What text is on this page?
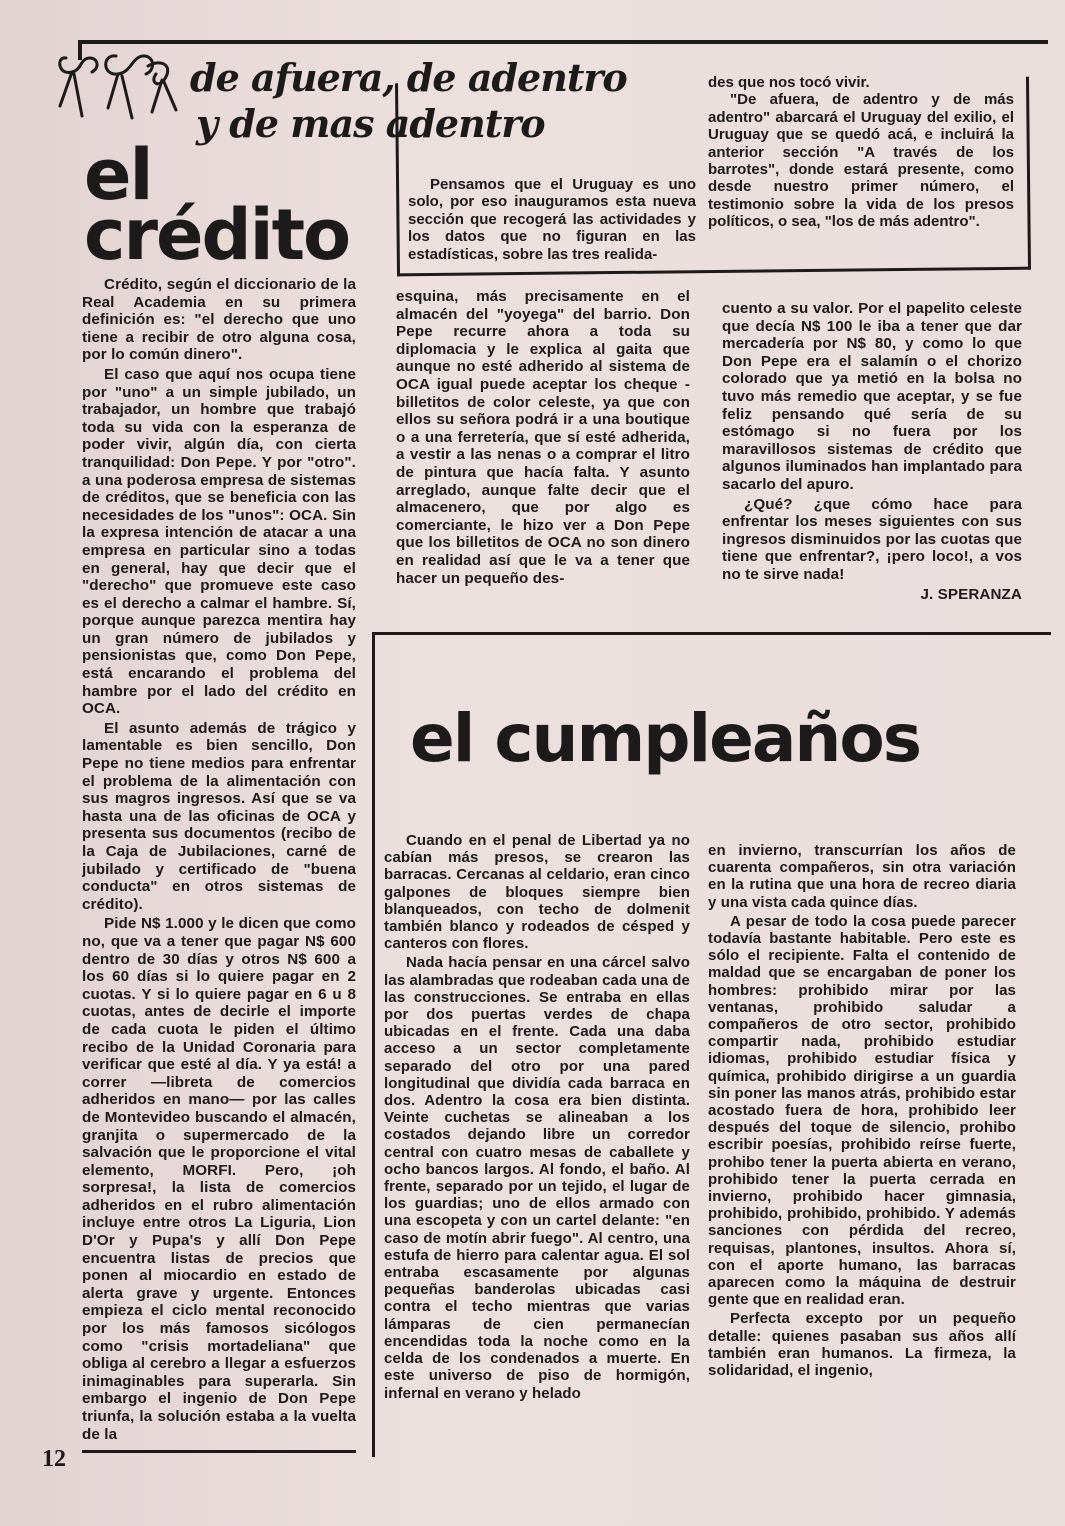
de afuera, de adentro
y de mas adentro

Pensamos que el Uruguay es uno solo, por eso inauguramos esta nueva sección que recogerá las actividades y los datos que no figuran en las estadísticas, sobre las tres realida-

des que nos tocó vivir.

"De afuera, de adentro y de más adentro" abarcará el Uruguay del exilio, el Uruguay que se quedó acá, e incluirá la anterior sección "A través de los barrotes", donde estará presente, como desde nuestro primer número, el testimonio sobre la vida de los presos políticos, o sea, "los de más adentro".

el
crédito

Crédito, según el diccionario de la Real Academia en su primera definición es: "el derecho que uno tiene a recibir de otro alguna cosa, por lo común dinero".

El caso que aquí nos ocupa tiene por "uno" a un simple jubilado, un trabajador, un hombre que trabajó toda su vida con la esperanza de poder vivir, algún día, con cierta tranquilidad: Don Pepe. Y por "otro". a una poderosa empresa de sistemas de créditos, que se beneficia con las necesidades de los "unos": OCA. Sin la expresa intención de atacar a una empresa en particular sino a todas en general, hay que decir que el "derecho" que promueve este caso es el derecho a calmar el hambre. Sí, porque aunque parezca mentira hay un gran número de jubilados y pensionistas que, como Don Pepe, está encarando el problema del hambre por el lado del crédito en OCA.

El asunto además de trágico y lamentable es bien sencillo, Don Pepe no tiene medios para enfrentar el problema de la alimentación con sus magros ingresos. Así que se va hasta una de las oficinas de OCA y presenta sus documentos (recibo de la Caja de Jubilaciones, carné de jubilado y certificado de "buena conducta" en otros sistemas de crédito).

Pide N$ 1.000 y le dicen que como no, que va a tener que pagar N$ 600 dentro de 30 días y otros N$ 600 a los 60 días si lo quiere pagar en 2 cuotas. Y si lo quiere pagar en 6 u 8 cuotas, antes de decirle el importe de cada cuota le piden el último recibo de la Unidad Coronaria para verificar que esté al día. Y ya está! a correr —libreta de comercios adheridos en mano— por las calles de Montevideo buscando el almacén, granjita o supermercado de la salvación que le proporcione el vital elemento, MORFI. Pero, ¡oh sorpresa!, la lista de comercios adheridos en el rubro alimentación incluye entre otros La Liguria, Lion D'Or y Pupa's y allí Don Pepe encuentra listas de precios que ponen al miocardio en estado de alerta grave y urgente. Entonces empieza el ciclo mental reconocido por los más famosos sicólogos como "crisis mortadeliana" que obliga al cerebro a llegar a esfuerzos inimaginables para superarla. Sin embargo el ingenio de Don Pepe triunfa, la solución estaba a la vuelta de la

esquina, más precisamente en el almacén del "yoyega" del barrio. Don Pepe recurre ahora a toda su diplomacia y le explica al gaita que aunque no esté adherido al sistema de OCA igual puede aceptar los cheque - billetitos de color celeste, ya que con ellos su señora podrá ir a una boutique o a una ferretería, que sí esté adherida, a vestir a las nenas o a comprar el litro de pintura que hacía falta. Y asunto arreglado, aunque falte decir que el almacenero, que por algo es comerciante, le hizo ver a Don Pepe que los billetitos de OCA no son dinero en realidad así que le va a tener que hacer un pequeño des-

cuento a su valor. Por el papelito celeste que decía N$ 100 le iba a tener que dar mercadería por N$ 80, y como lo que Don Pepe era el salamín o el chorizo colorado que ya metió en la bolsa no tuvo más remedio que aceptar, y se fue feliz pensando qué sería de su estómago si no fuera por los maravillosos sistemas de crédito que algunos iluminados han implantado para sacarlo del apuro.

¿Qué? ¿que cómo hace para enfrentar los meses siguientes con sus ingresos disminuidos por las cuotas que tiene que enfrentar?, ¡pero loco!, a vos no te sirve nada!

J. SPERANZA

el cumpleaños

Cuando en el penal de Libertad ya no cabían más presos, se crearon las barracas. Cercanas al celdario, eran cinco galpones de bloques siempre bien blanqueados, con techo de dolmenit también blanco y rodeados de césped y canteros con flores.

Nada hacía pensar en una cárcel salvo las alambradas que rodeaban cada una de las construcciones. Se entraba en ellas por dos puertas verdes de chapa ubicadas en el frente. Cada una daba acceso a un sector completamente separado del otro por una pared longitudinal que dividía cada barraca en dos. Adentro la cosa era bien distinta. Veinte cuchetas se alineaban a los costados dejando libre un corredor central con cuatro mesas de caballete y ocho bancos largos. Al fondo, el baño. Al frente, separado por un tejido, el lugar de los guardias; uno de ellos armado con una escopeta y con un cartel delante: "en caso de motín abrir fuego". Al centro, una estufa de hierro para calentar agua. El sol entraba escasamente por algunas pequeñas banderolas ubicadas casi contra el techo mientras que varias lámparas de cien permanecían encendidas toda la noche como en la celda de los condenados a muerte. En este universo de piso de hormigón, infernal en verano y helado

en invierno, transcurrían los años de cuarenta compañeros, sin otra variación en la rutina que una hora de recreo diaria y una vista cada quince días.

A pesar de todo la cosa puede parecer todavía bastante habitable. Pero este es sólo el recipiente. Falta el contenido de maldad que se encargaban de poner los hombres: prohibido mirar por las ventanas, prohibido saludar a compañeros de otro sector, prohibido compartir nada, prohibido estudiar idiomas, prohibido estudiar física y química, prohibido dirigirse a un guardia sin poner las manos atrás, prohibido estar acostado fuera de hora, prohibido leer después del toque de silencio, prohibo escribir poesías, prohibido reírse fuerte, prohibo tener la puerta abierta en verano, prohibido tener la puerta cerrada en invierno, prohibido hacer gimnasia, prohibido, prohibido, prohibido. Y además sanciones con pérdida del recreo, requisas, plantones, insultos. Ahora sí, con el aporte humano, las barracas aparecen como la máquina de destruir gente que en realidad eran.

Perfecta excepto por un pequeño detalle: quienes pasaban sus años allí también eran humanos. La firmeza, la solidaridad, el ingenio,

12
